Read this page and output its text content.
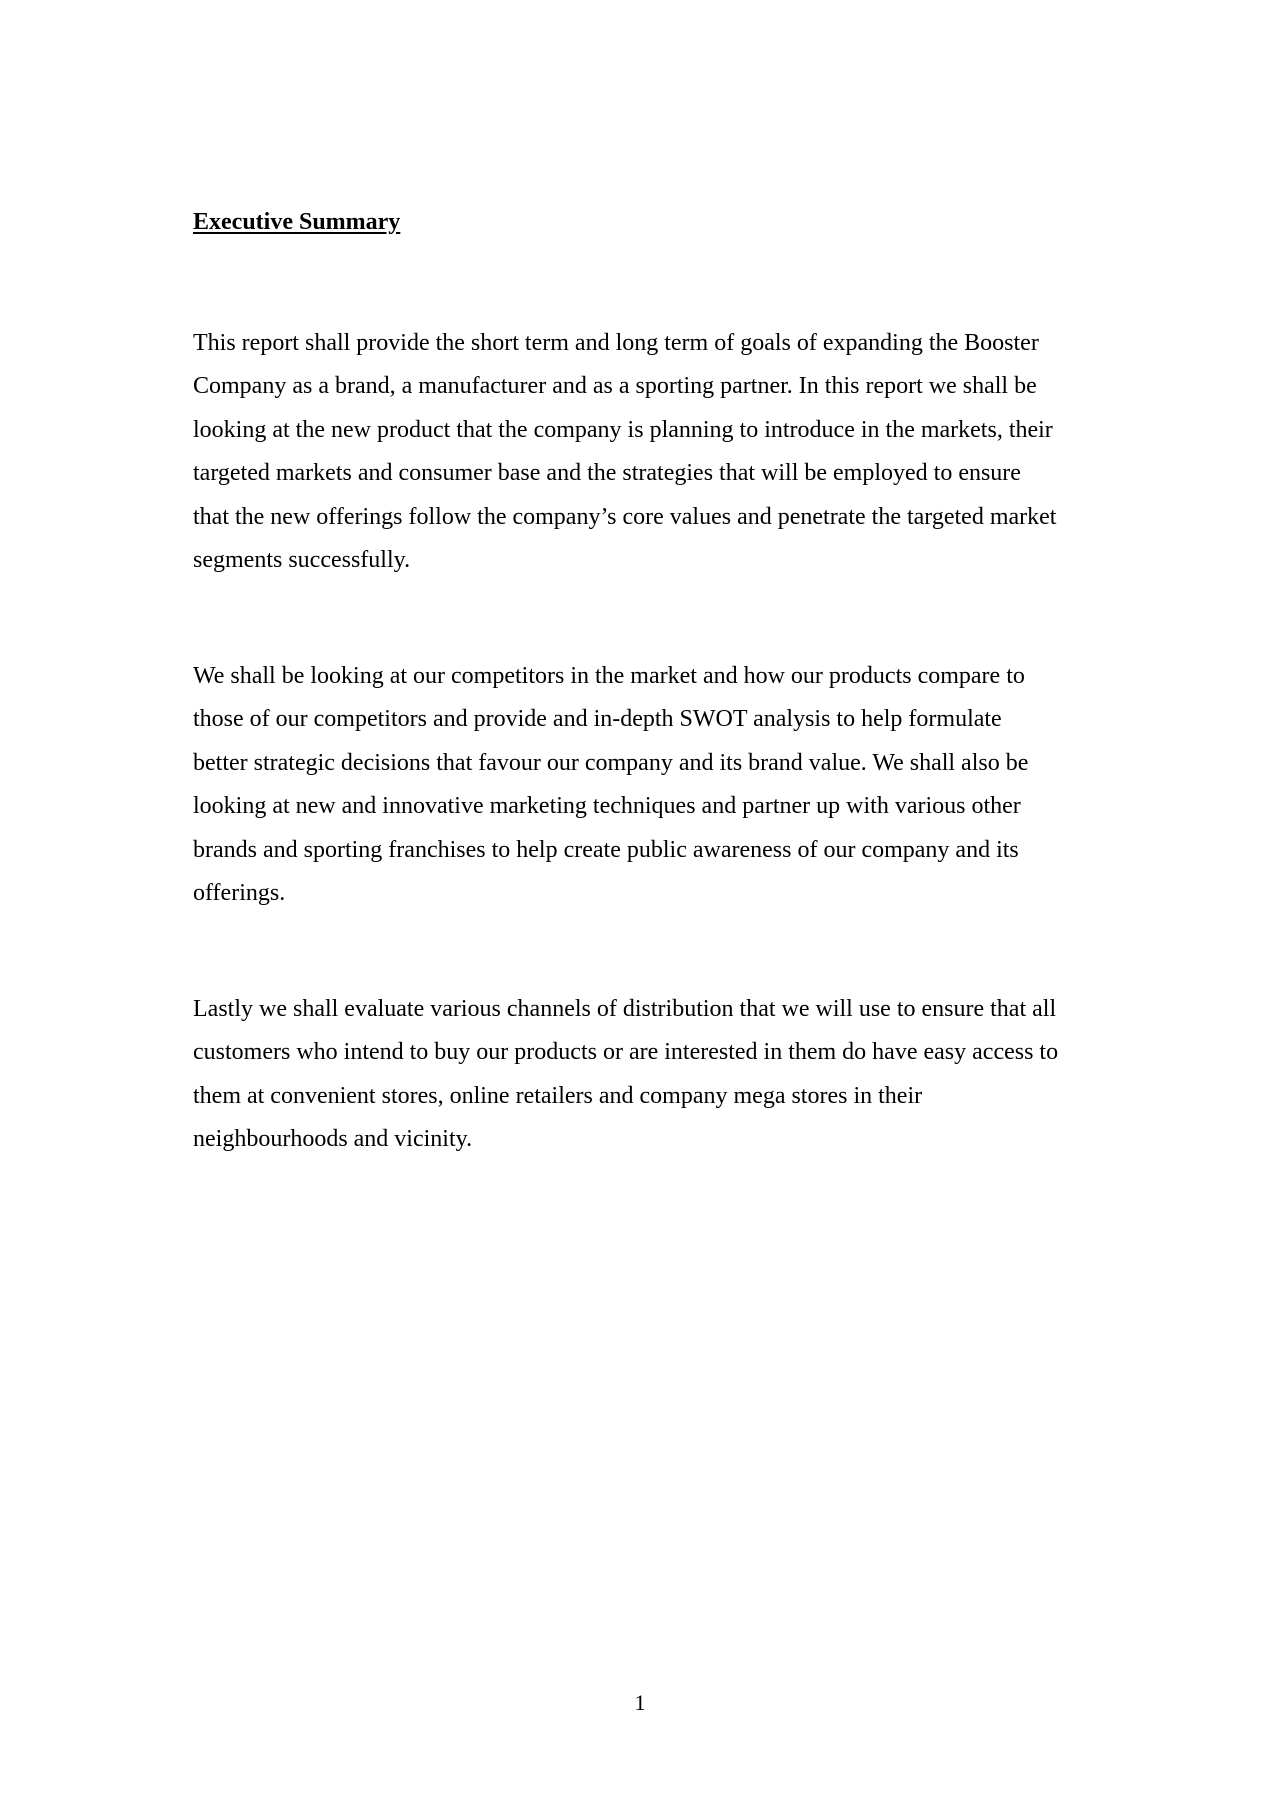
Executive Summary

This report shall provide the short term and long term of goals of expanding the Booster
Company as a brand, a manufacturer and as a sporting partner. In this report we shall be
looking at the new product that the company is planning to introduce in the markets, their
targeted markets and consumer base and the strategies that will be employed to ensure
that the new offerings follow the company’s core values and penetrate the targeted market
segments successfully.

We shall be looking at our competitors in the market and how our products compare to
those of our competitors and provide and in-depth SWOT analysis to help formulate
better strategic decisions that favour our company and its brand value. We shall also be
looking at new and innovative marketing techniques and partner up with various other
brands and sporting franchises to help create public awareness of our company and its
offerings.

Lastly we shall evaluate various channels of distribution that we will use to ensure that all
customers who intend to buy our products or are interested in them do have easy access to
them at convenient stores, online retailers and company mega stores in their
neighbourhoods and vicinity.

1
